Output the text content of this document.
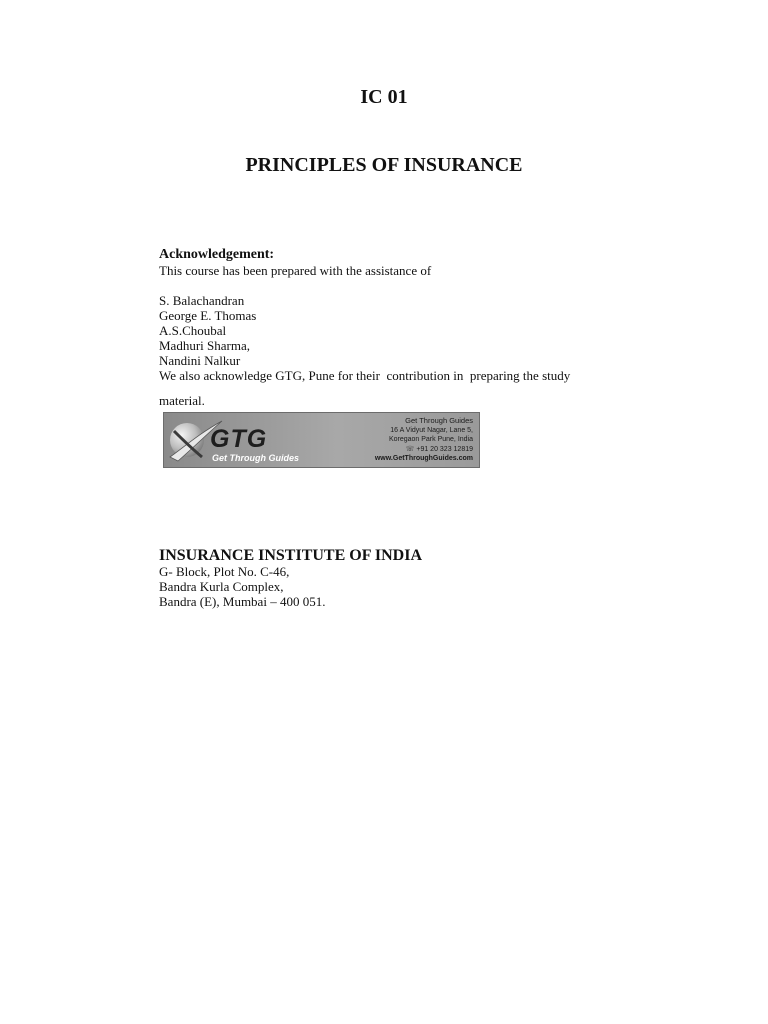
IC 01
PRINCIPLES OF INSURANCE

Acknowledgement:

This course has been prepared with the assistance of

S. Balachandran
George E. Thomas
A.S.Choubal
Madhuri Sharma,
Nandini Nalkur

We also acknowledge GTG, Pune for their  contribution in  preparing the study

material.

GTG
Get Through Guides
Get Through Guides
16 A Vidyut Nagar, Lane 5,
Koregaon Park Pune, India
☏ +91 20 323 12819
www.GetThroughGuides.com

INSURANCE INSTITUTE OF INDIA

G- Block, Plot No. C-46,

Bandra Kurla Complex,

Bandra (E), Mumbai – 400 051.
